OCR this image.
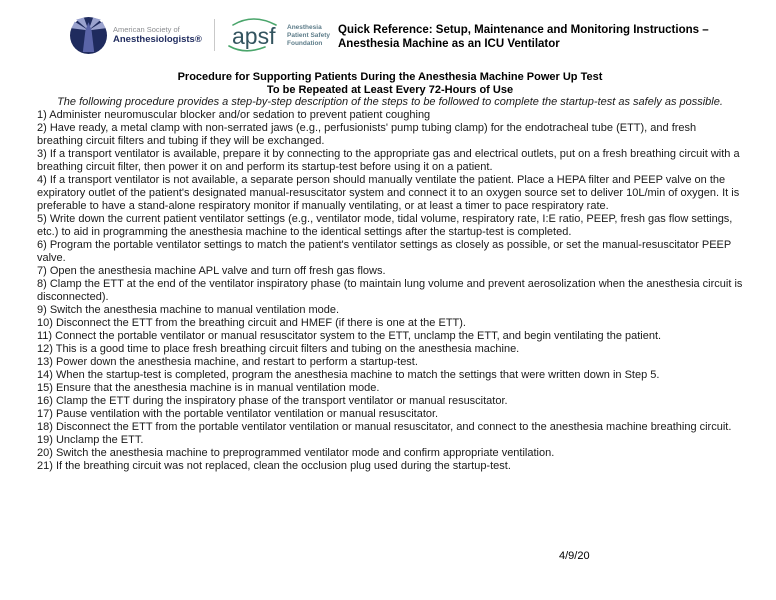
American Society of
Anesthesiologists® apsf Anesthesia
Patient Safety
Foundation
Quick Reference: Setup, Maintenance and Monitoring Instructions –
Anesthesia Machine as an ICU Ventilator
Procedure for Supporting Patients During the Anesthesia Machine Power Up Test
To be Repeated at Least Every 72-Hours of Use

The following procedure provides a step-by-step description of the steps to be followed to complete the startup-test as safely as possible.

1) Administer neuromuscular blocker and/or sedation to prevent patient coughing

2) Have ready, a metal clamp with non-serrated jaws (e.g., perfusionists' pump tubing clamp) for the endotracheal tube (ETT), and fresh breathing circuit filters and tubing if they will be exchanged.

3) If a transport ventilator is available, prepare it by connecting to the appropriate gas and electrical outlets, put on a fresh breathing circuit with a breathing circuit filter, then power it on and perform its startup-test before using it on a patient.

4) If a transport ventilator is not available, a separate person should manually ventilate the patient. Place a HEPA filter and PEEP valve on the expiratory outlet of the patient's designated manual-resuscitator system and connect it to an oxygen source set to deliver 10L/min of oxygen. It is preferable to have a stand-alone respiratory monitor if manually ventilating, or at least a timer to pace respiratory rate.

5) Write down the current patient ventilator settings (e.g., ventilator mode, tidal volume, respiratory rate, I:E ratio, PEEP, fresh gas flow settings, etc.) to aid in programming the anesthesia machine to the identical settings after the startup-test is completed.

6) Program the portable ventilator settings to match the patient's ventilator settings as closely as possible, or set the manual-resuscitator PEEP valve.

7) Open the anesthesia machine APL valve and turn off fresh gas flows.

8) Clamp the ETT at the end of the ventilator inspiratory phase (to maintain lung volume and prevent aerosolization when the anesthesia circuit is disconnected).

9) Switch the anesthesia machine to manual ventilation mode.

10) Disconnect the ETT from the breathing circuit and HMEF (if there is one at the ETT).

11) Connect the portable ventilator or manual resuscitator system to the ETT, unclamp the ETT, and begin ventilating the patient.

12) This is a good time to place fresh breathing circuit filters and tubing on the anesthesia machine.

13) Power down the anesthesia machine, and restart to perform a startup-test.

14) When the startup-test is completed, program the anesthesia machine to match the settings that were written down in Step 5.

15) Ensure that the anesthesia machine is in manual ventilation mode.

16) Clamp the ETT during the inspiratory phase of the transport ventilator or manual resuscitator.

17) Pause ventilation with the portable ventilator ventilation or manual resuscitator.

18) Disconnect the ETT from the portable ventilator ventilation or manual resuscitator, and connect to the anesthesia machine breathing circuit.

19) Unclamp the ETT.

20) Switch the anesthesia machine to preprogrammed ventilator mode and confirm appropriate ventilation.

21) If the breathing circuit was not replaced, clean the occlusion plug used during the startup-test.

4/9/20
